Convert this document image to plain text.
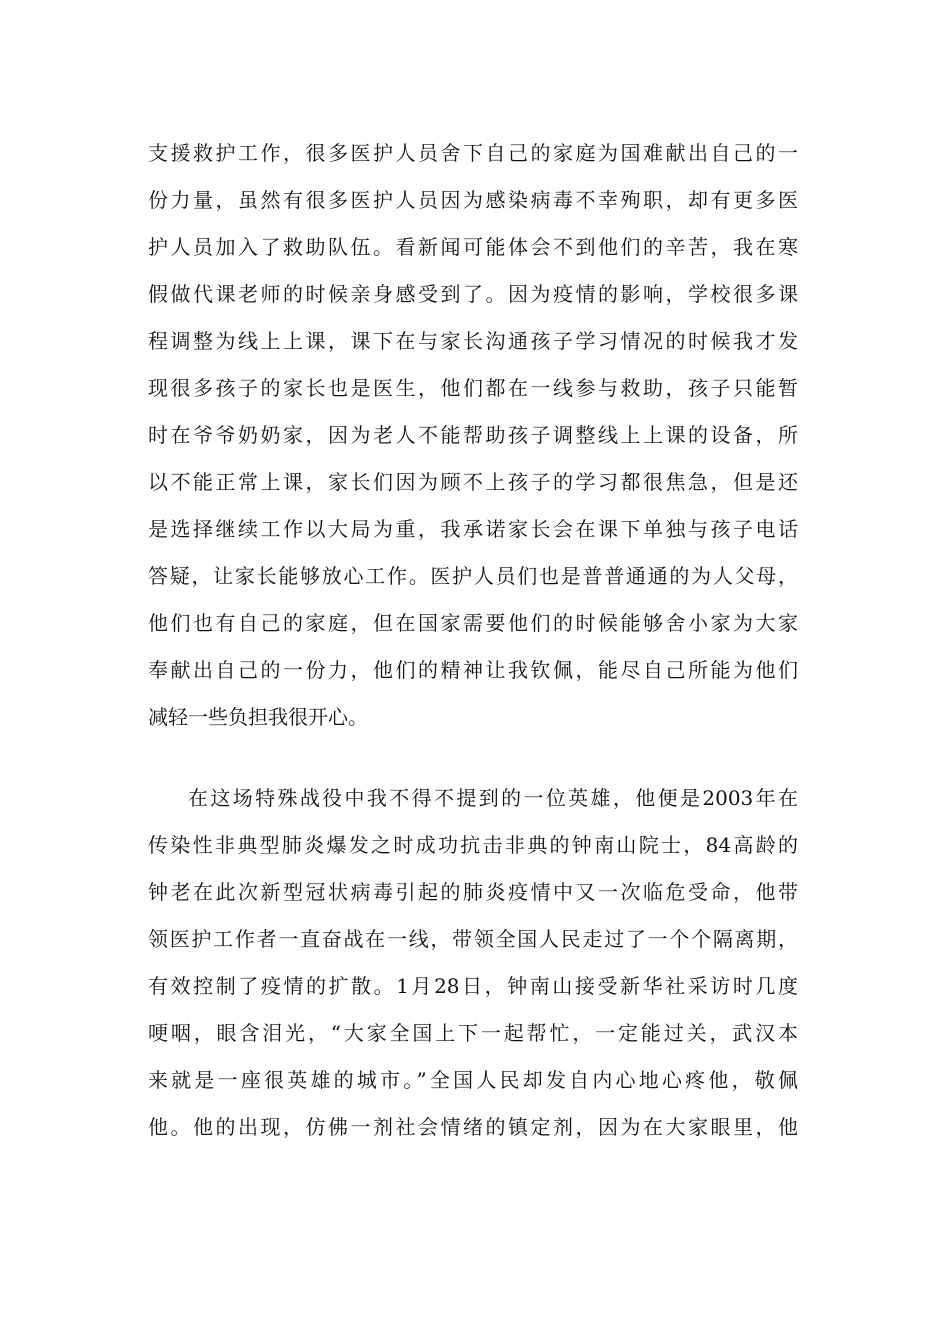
支援救护工作，很多医护人员舍下自己的家庭为国难献出自己的一
份力量，虽然有很多医护人员因为感染病毒不幸殉职，却有更多医
护人员加入了救助队伍。看新闻可能体会不到他们的辛苦，我在寒
假做代课老师的时候亲身感受到了。因为疫情的影响，学校很多课
程调整为线上上课，课下在与家长沟通孩子学习情况的时候我才发
现很多孩子的家长也是医生，他们都在一线参与救助，孩子只能暂
时在爷爷奶奶家，因为老人不能帮助孩子调整线上上课的设备，所
以不能正常上课，家长们因为顾不上孩子的学习都很焦急，但是还
是选择继续工作以大局为重，我承诺家长会在课下单独与孩子电话
答疑，让家长能够放心工作。医护人员们也是普普通通的为人父母，
他们也有自己的家庭，但在国家需要他们的时候能够舍小家为大家
奉献出自己的一份力，他们的精神让我钦佩，能尽自己所能为他们
减轻一些负担我很开心。
在这场特殊战役中我不得不提到的一位英雄，他便是2003年在
传染性非典型肺炎爆发之时成功抗击非典的钟南山院士，84高龄的
钟老在此次新型冠状病毒引起的肺炎疫情中又一次临危受命，他带
领医护工作者一直奋战在一线，带领全国人民走过了一个个隔离期，
有效控制了疫情的扩散。1月28日，钟南山接受新华社采访时几度
哽咽，眼含泪光，“大家全国上下一起帮忙，一定能过关，武汉本
来就是一座很英雄的城市。”全国人民却发自内心地心疼他，敬佩
他。他的出现，仿佛一剂社会情绪的镇定剂，因为在大家眼里，他
